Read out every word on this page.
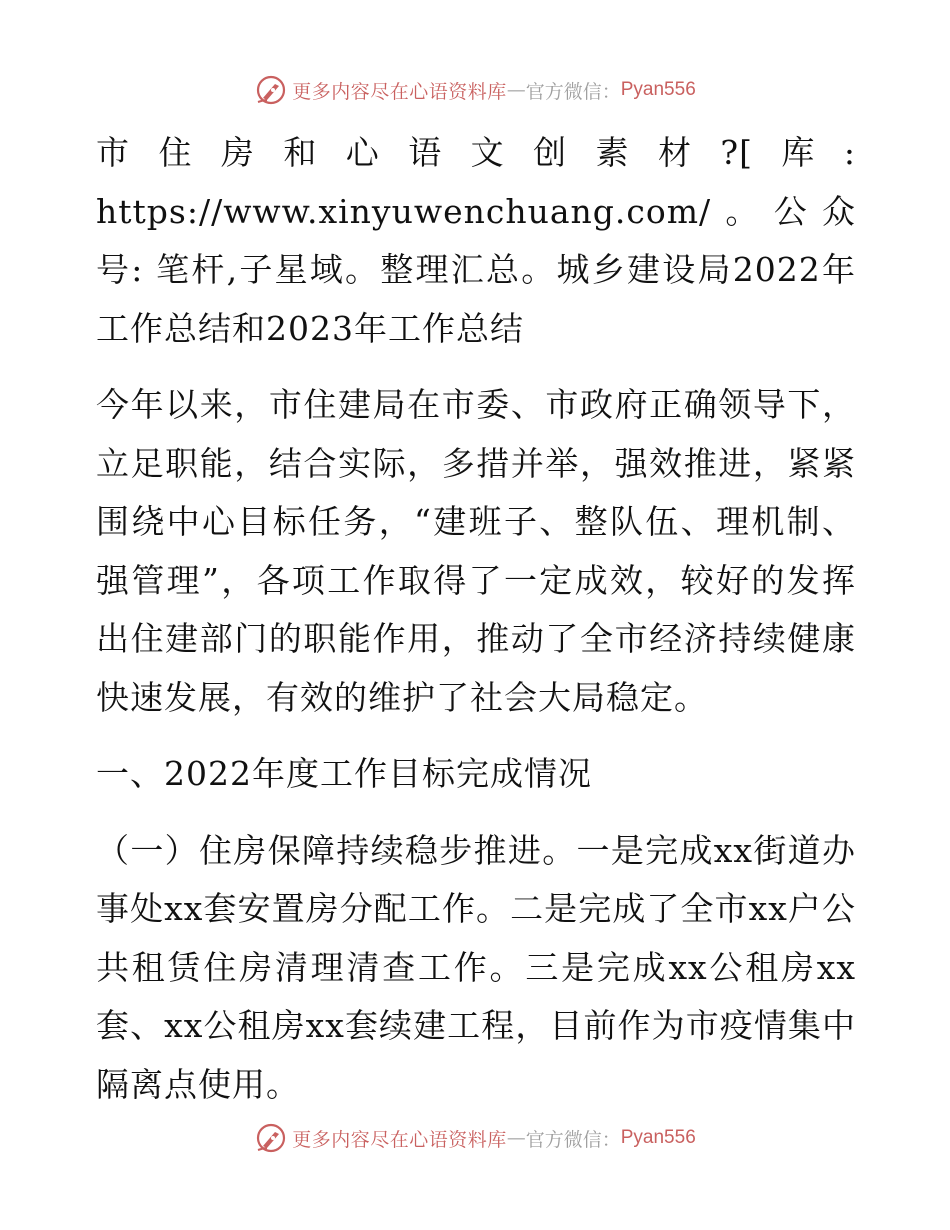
更多内容尽在心语资料库 — 官方微信： Pyan556

市住房和心语文创素材?[库: https://www.xinyuwenchuang.com/。公众号: 笔杆,子星域。整理汇总。城乡建设局2022年工作总结和2023年工作总结

今年以来，市住建局在市委、市政府正确领导下，立足职能，结合实际，多措并举，强效推进，紧紧围绕中心目标任务，“建班子、整队伍、理机制、强管理”，各项工作取得了一定成效，较好的发挥出住建部门的职能作用，推动了全市经济持续健康快速发展，有效的维护了社会大局稳定。

一、2022年度工作目标完成情况

（一）住房保障持续稳步推进。一是完成xx街道办事处xx套安置房分配工作。二是完成了全市xx户公共租赁住房清理清查工作。三是完成xx公租房xx套、xx公租房xx套续建工程，目前作为市疫情集中隔离点使用。

更多内容尽在心语资料库 — 官方微信： Pyan556
